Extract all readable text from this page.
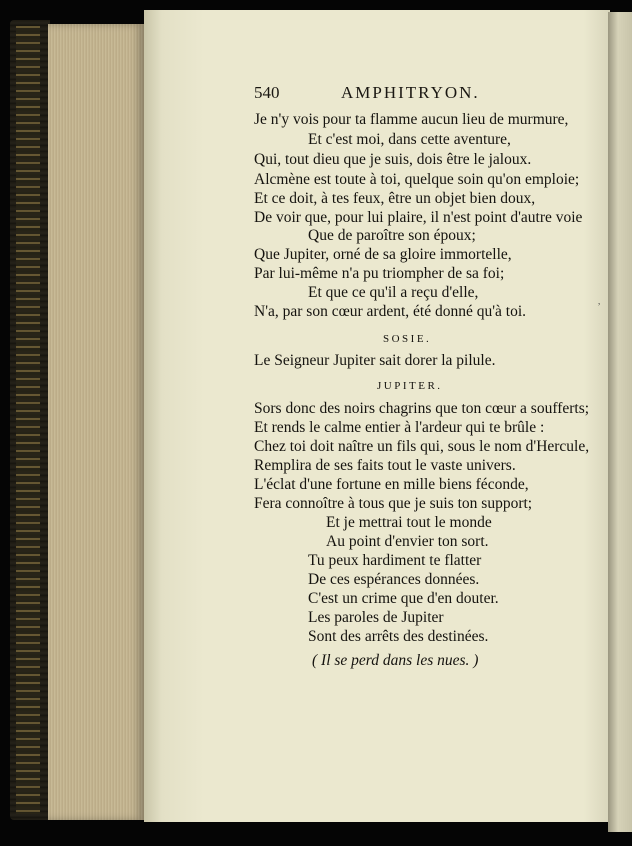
540	AMPHITRYON.
Je n'y vois pour ta flamme aucun lieu de murmure,
Et c'est moi, dans cette aventure,
Qui, tout dieu que je suis, dois être le jaloux.
Alcmène est toute à toi, quelque soin qu'on emploie;
Et ce doit, à tes feux, être un objet bien doux,
De voir que, pour lui plaire, il n'est point d'autre voie
Que de paroître son époux;
Que Jupiter, orné de sa gloire immortelle,
Par lui-même n'a pu triompher de sa foi;
Et que ce qu'il a reçu d'elle,
N'a, par son cœur ardent, été donné qu'à toi.
SOSIE.
Le Seigneur Jupiter sait dorer la pilule.
JUPITER.
Sors donc des noirs chagrins que ton cœur a soufferts;
Et rends le calme entier à l'ardeur qui te brûle :
Chez toi doit naître un fils qui, sous le nom d'Hercule,
Remplira de ses faits tout le vaste univers.
L'éclat d'une fortune en mille biens féconde,
Fera connoître à tous que je suis ton support;
Et je mettrai tout le monde
Au point d'envier ton sort.
Tu peux hardiment te flatter
De ces espérances données.
C'est un crime que d'en douter.
Les paroles de Jupiter
Sont des arrêts des destinées.
( Il se perd dans les nues. )
,
